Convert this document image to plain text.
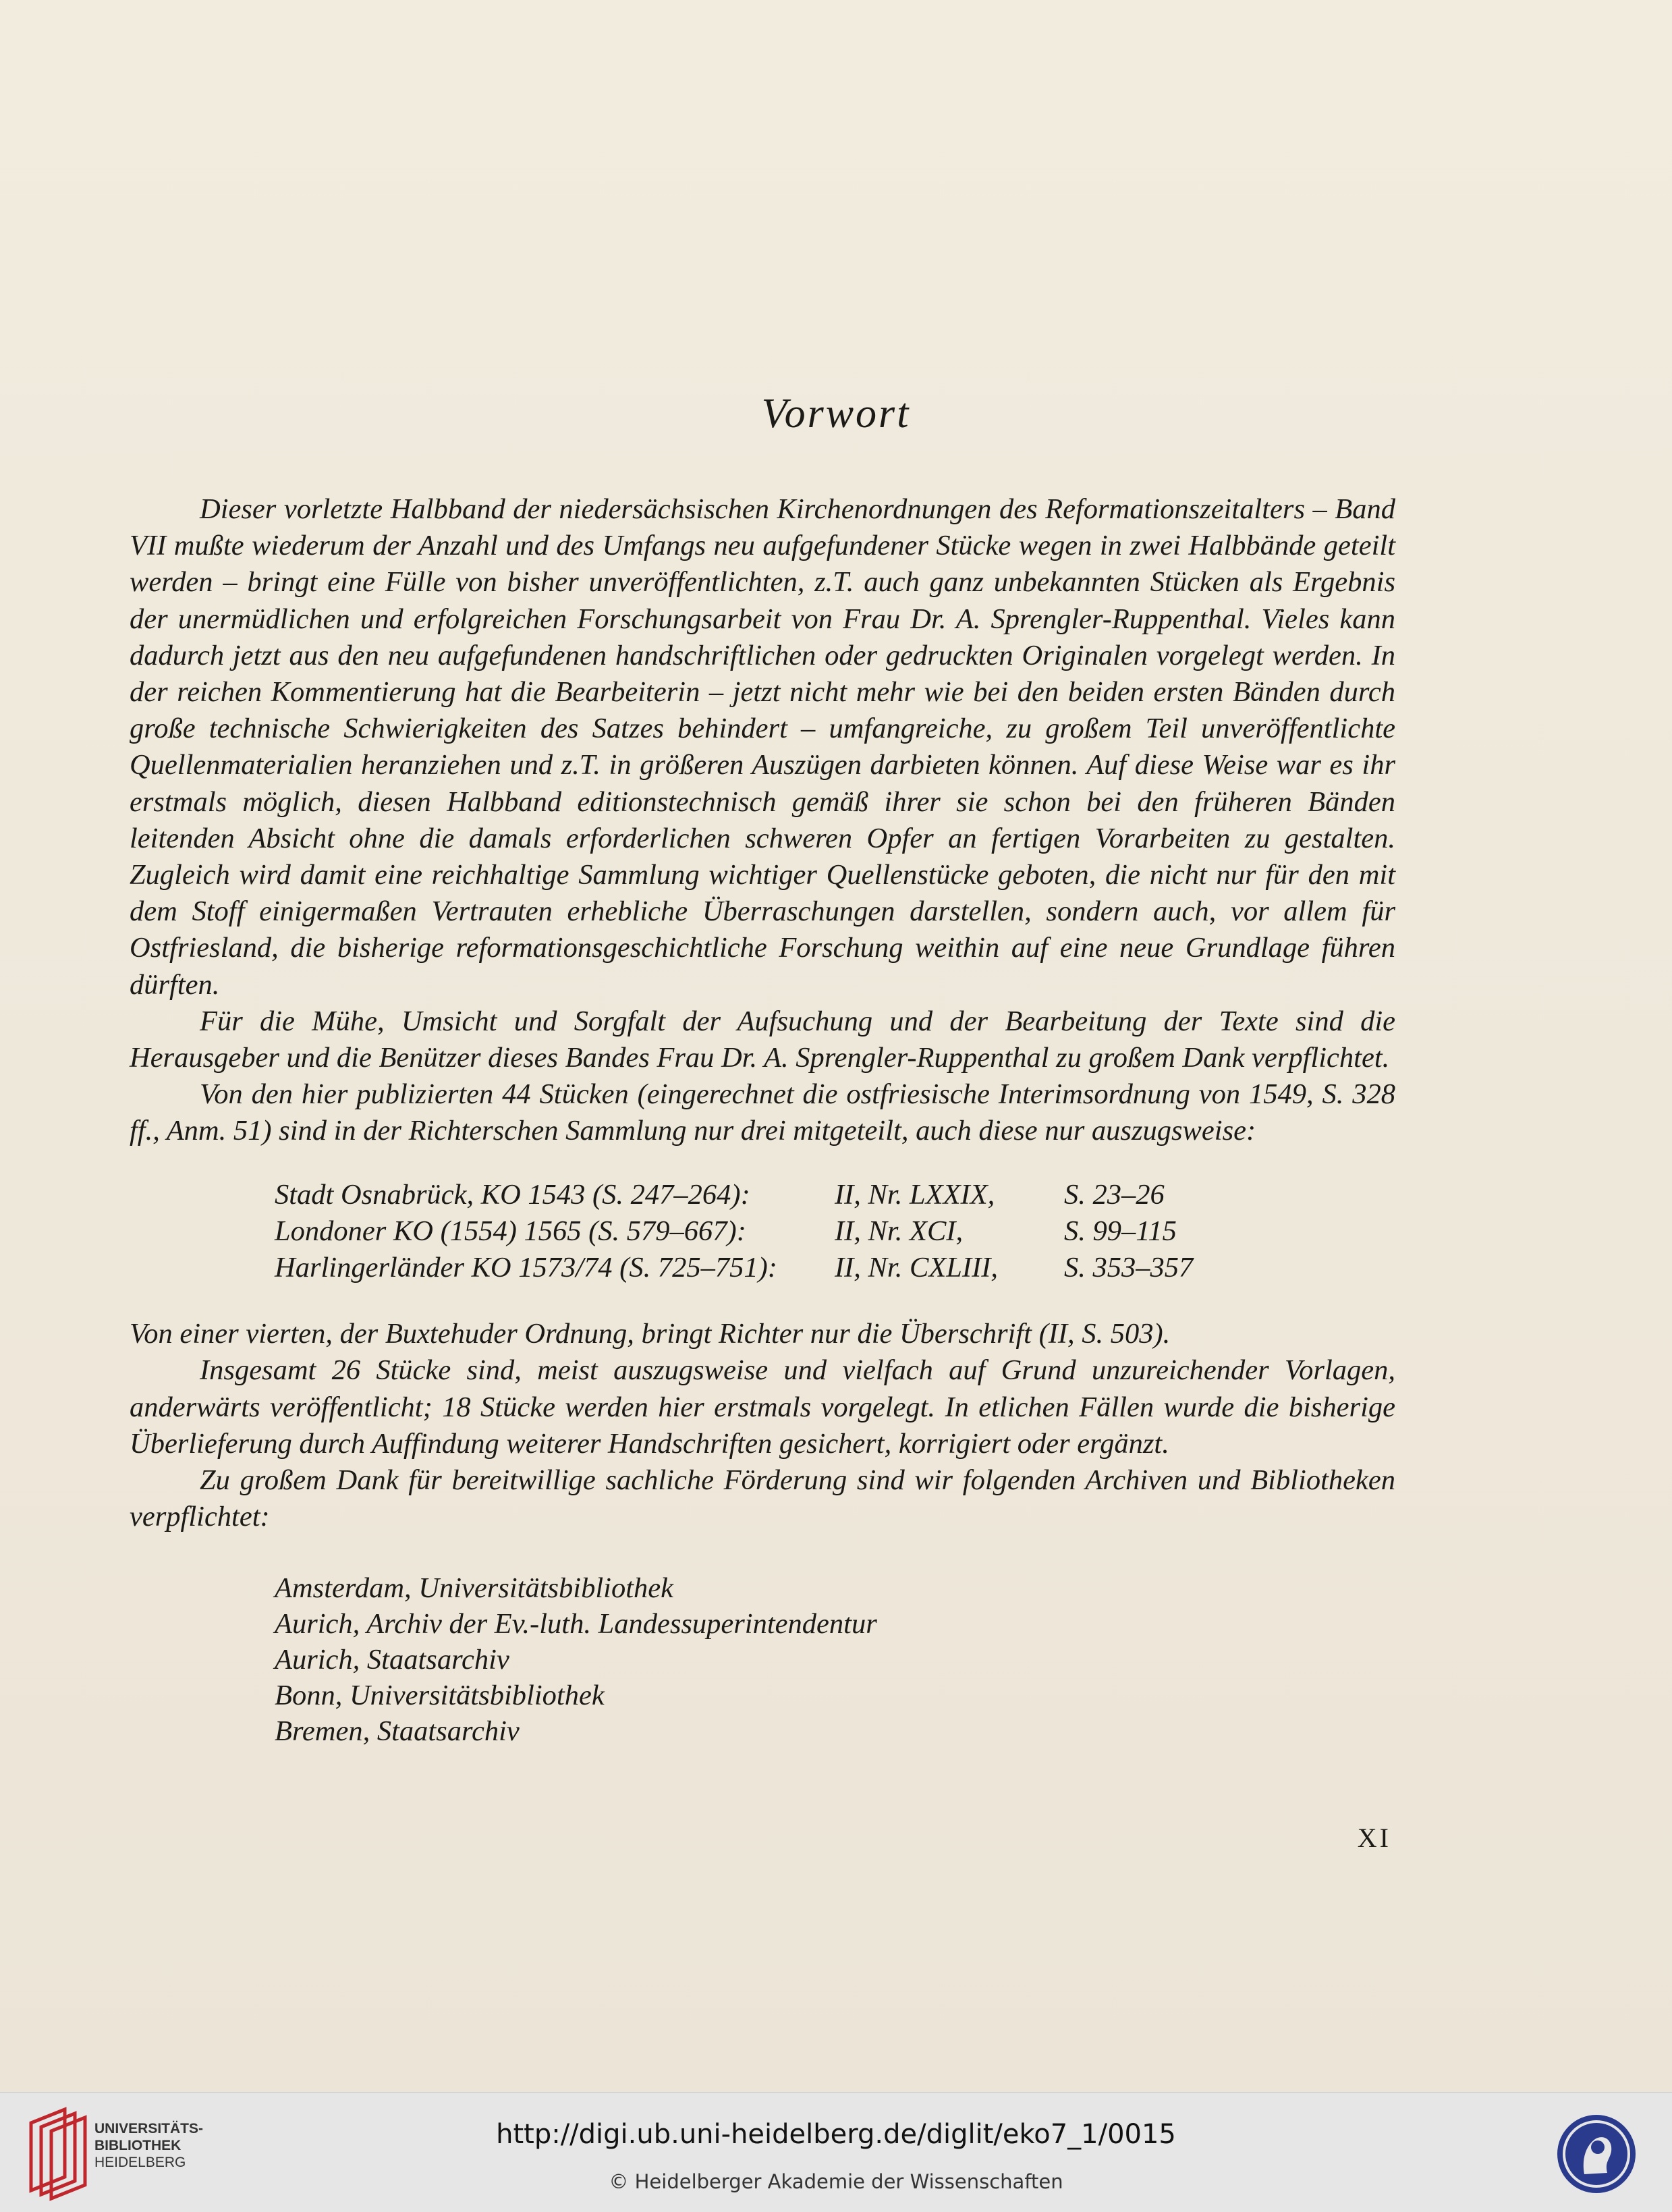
Vorwort

Dieser vorletzte Halbband der niedersächsischen Kirchenordnungen des Reformationszeitalters – Band VII mußte wiederum der Anzahl und des Umfangs neu aufgefundener Stücke wegen in zwei Halbbände geteilt werden – bringt eine Fülle von bisher unveröffentlichten, z.T. auch ganz unbekannten Stücken als Ergebnis der unermüdlichen und erfolgreichen Forschungsarbeit von Frau Dr. A. Sprengler-Ruppenthal. Vieles kann dadurch jetzt aus den neu aufgefundenen handschriftlichen oder gedruckten Originalen vorgelegt werden. In der reichen Kommentierung hat die Bearbeiterin – jetzt nicht mehr wie bei den beiden ersten Bänden durch große technische Schwierigkeiten des Satzes behindert – umfangreiche, zu großem Teil unveröffentlichte Quellenmaterialien heranziehen und z.T. in größeren Auszügen darbieten können. Auf diese Weise war es ihr erstmals möglich, diesen Halbband editionstechnisch gemäß ihrer sie schon bei den früheren Bänden leitenden Absicht ohne die damals erforderlichen schweren Opfer an fertigen Vorarbeiten zu gestalten. Zugleich wird damit eine reichhaltige Sammlung wichtiger Quellenstücke geboten, die nicht nur für den mit dem Stoff einigermaßen Vertrauten erhebliche Überraschungen darstellen, sondern auch, vor allem für Ostfriesland, die bisherige reformationsgeschichtliche Forschung weithin auf eine neue Grundlage führen dürften.

Für die Mühe, Umsicht und Sorgfalt der Aufsuchung und der Bearbeitung der Texte sind die Herausgeber und die Benützer dieses Bandes Frau Dr. A. Sprengler-Ruppenthal zu großem Dank verpflichtet.

Von den hier publizierten 44 Stücken (eingerechnet die ostfriesische Interimsordnung von 1549, S. 328 ff., Anm. 51) sind in der Richterschen Sammlung nur drei mitgeteilt, auch diese nur auszugsweise:

Stadt Osnabrück, KO 1543 (S. 247–264):	II, Nr. LXXIX,	S. 23–26
Londoner KO (1554) 1565 (S. 579–667):	II, Nr. XCI,	S. 99–115
Harlingerländer KO 1573/74 (S. 725–751):	II, Nr. CXLIII,	S. 353–357

Von einer vierten, der Buxtehuder Ordnung, bringt Richter nur die Überschrift (II, S. 503).

Insgesamt 26 Stücke sind, meist auszugsweise und vielfach auf Grund unzureichender Vorlagen, anderwärts veröffentlicht; 18 Stücke werden hier erstmals vorgelegt. In etlichen Fällen wurde die bisherige Überlieferung durch Auffindung weiterer Handschriften gesichert, korrigiert oder ergänzt.

Zu großem Dank für bereitwillige sachliche Förderung sind wir folgenden Archiven und Bibliotheken verpflichtet:

Amsterdam, Universitätsbibliothek
Aurich, Archiv der Ev.-luth. Landessuperintendentur
Aurich, Staatsarchiv
Bonn, Universitätsbibliothek
Bremen, Staatsarchiv
XI
UNIVERSITÄTS-
BIBLIOTHEK
HEIDELBERG
http://digi.ub.uni-heidelberg.de/diglit/eko7_1/0015
© Heidelberger Akademie der Wissenschaften
